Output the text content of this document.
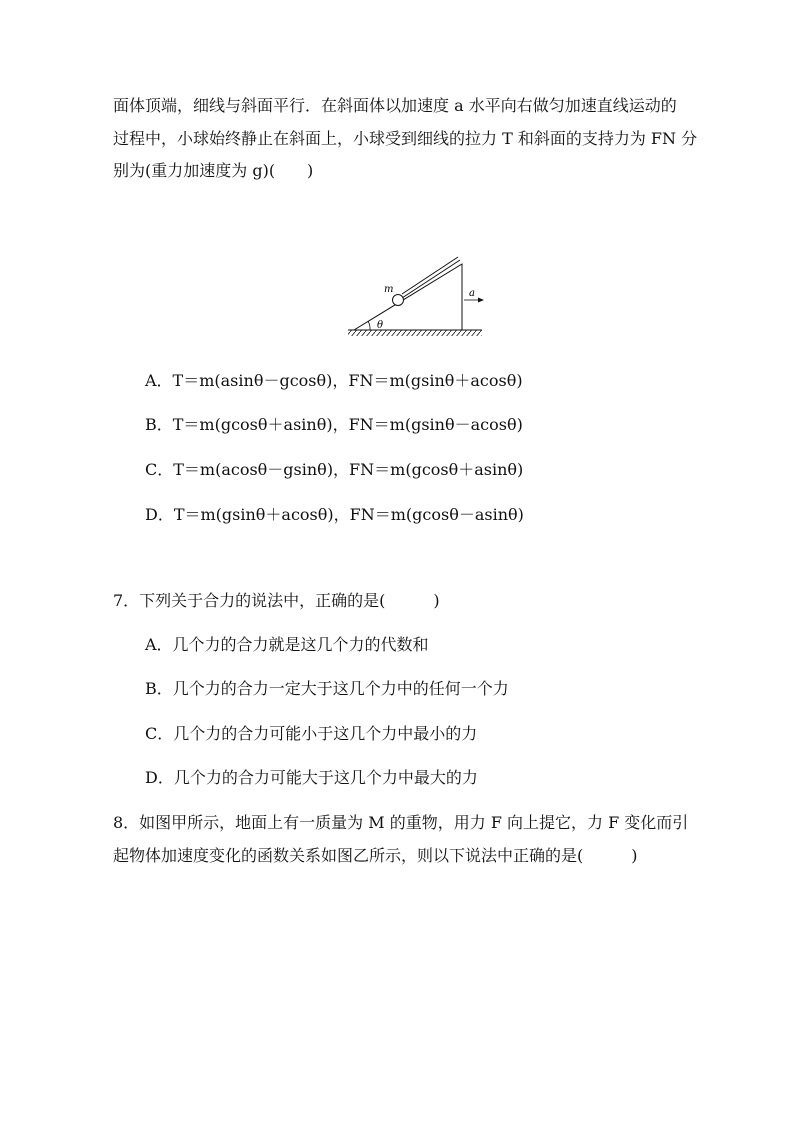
面体顶端，细线与斜面平行．在斜面体以加速度 a 水平向右做匀加速直线运动的
过程中，小球始终静止在斜面上，小球受到细线的拉力 T 和斜面的支持力为 FN 分
别为(重力加速度为 g)(　　)
m
θ
a
A．T＝m(asinθ－gcosθ)，FN＝m(gsinθ＋acosθ)
B．T＝m(gcosθ＋asinθ)，FN＝m(gsinθ－acosθ)
C．T＝m(acosθ－gsinθ)，FN＝m(gcosθ＋asinθ)
D．T＝m(gsinθ＋acosθ)，FN＝m(gcosθ－asinθ)
7．下列关于合力的说法中，正确的是(　　　)
A．几个力的合力就是这几个力的代数和
B．几个力的合力一定大于这几个力中的任何一个力
C．几个力的合力可能小于这几个力中最小的力
D．几个力的合力可能大于这几个力中最大的力
8．如图甲所示，地面上有一质量为 M 的重物，用力 F 向上提它，力 F 变化而引
起物体加速度变化的函数关系如图乙所示，则以下说法中正确的是(　　　)
